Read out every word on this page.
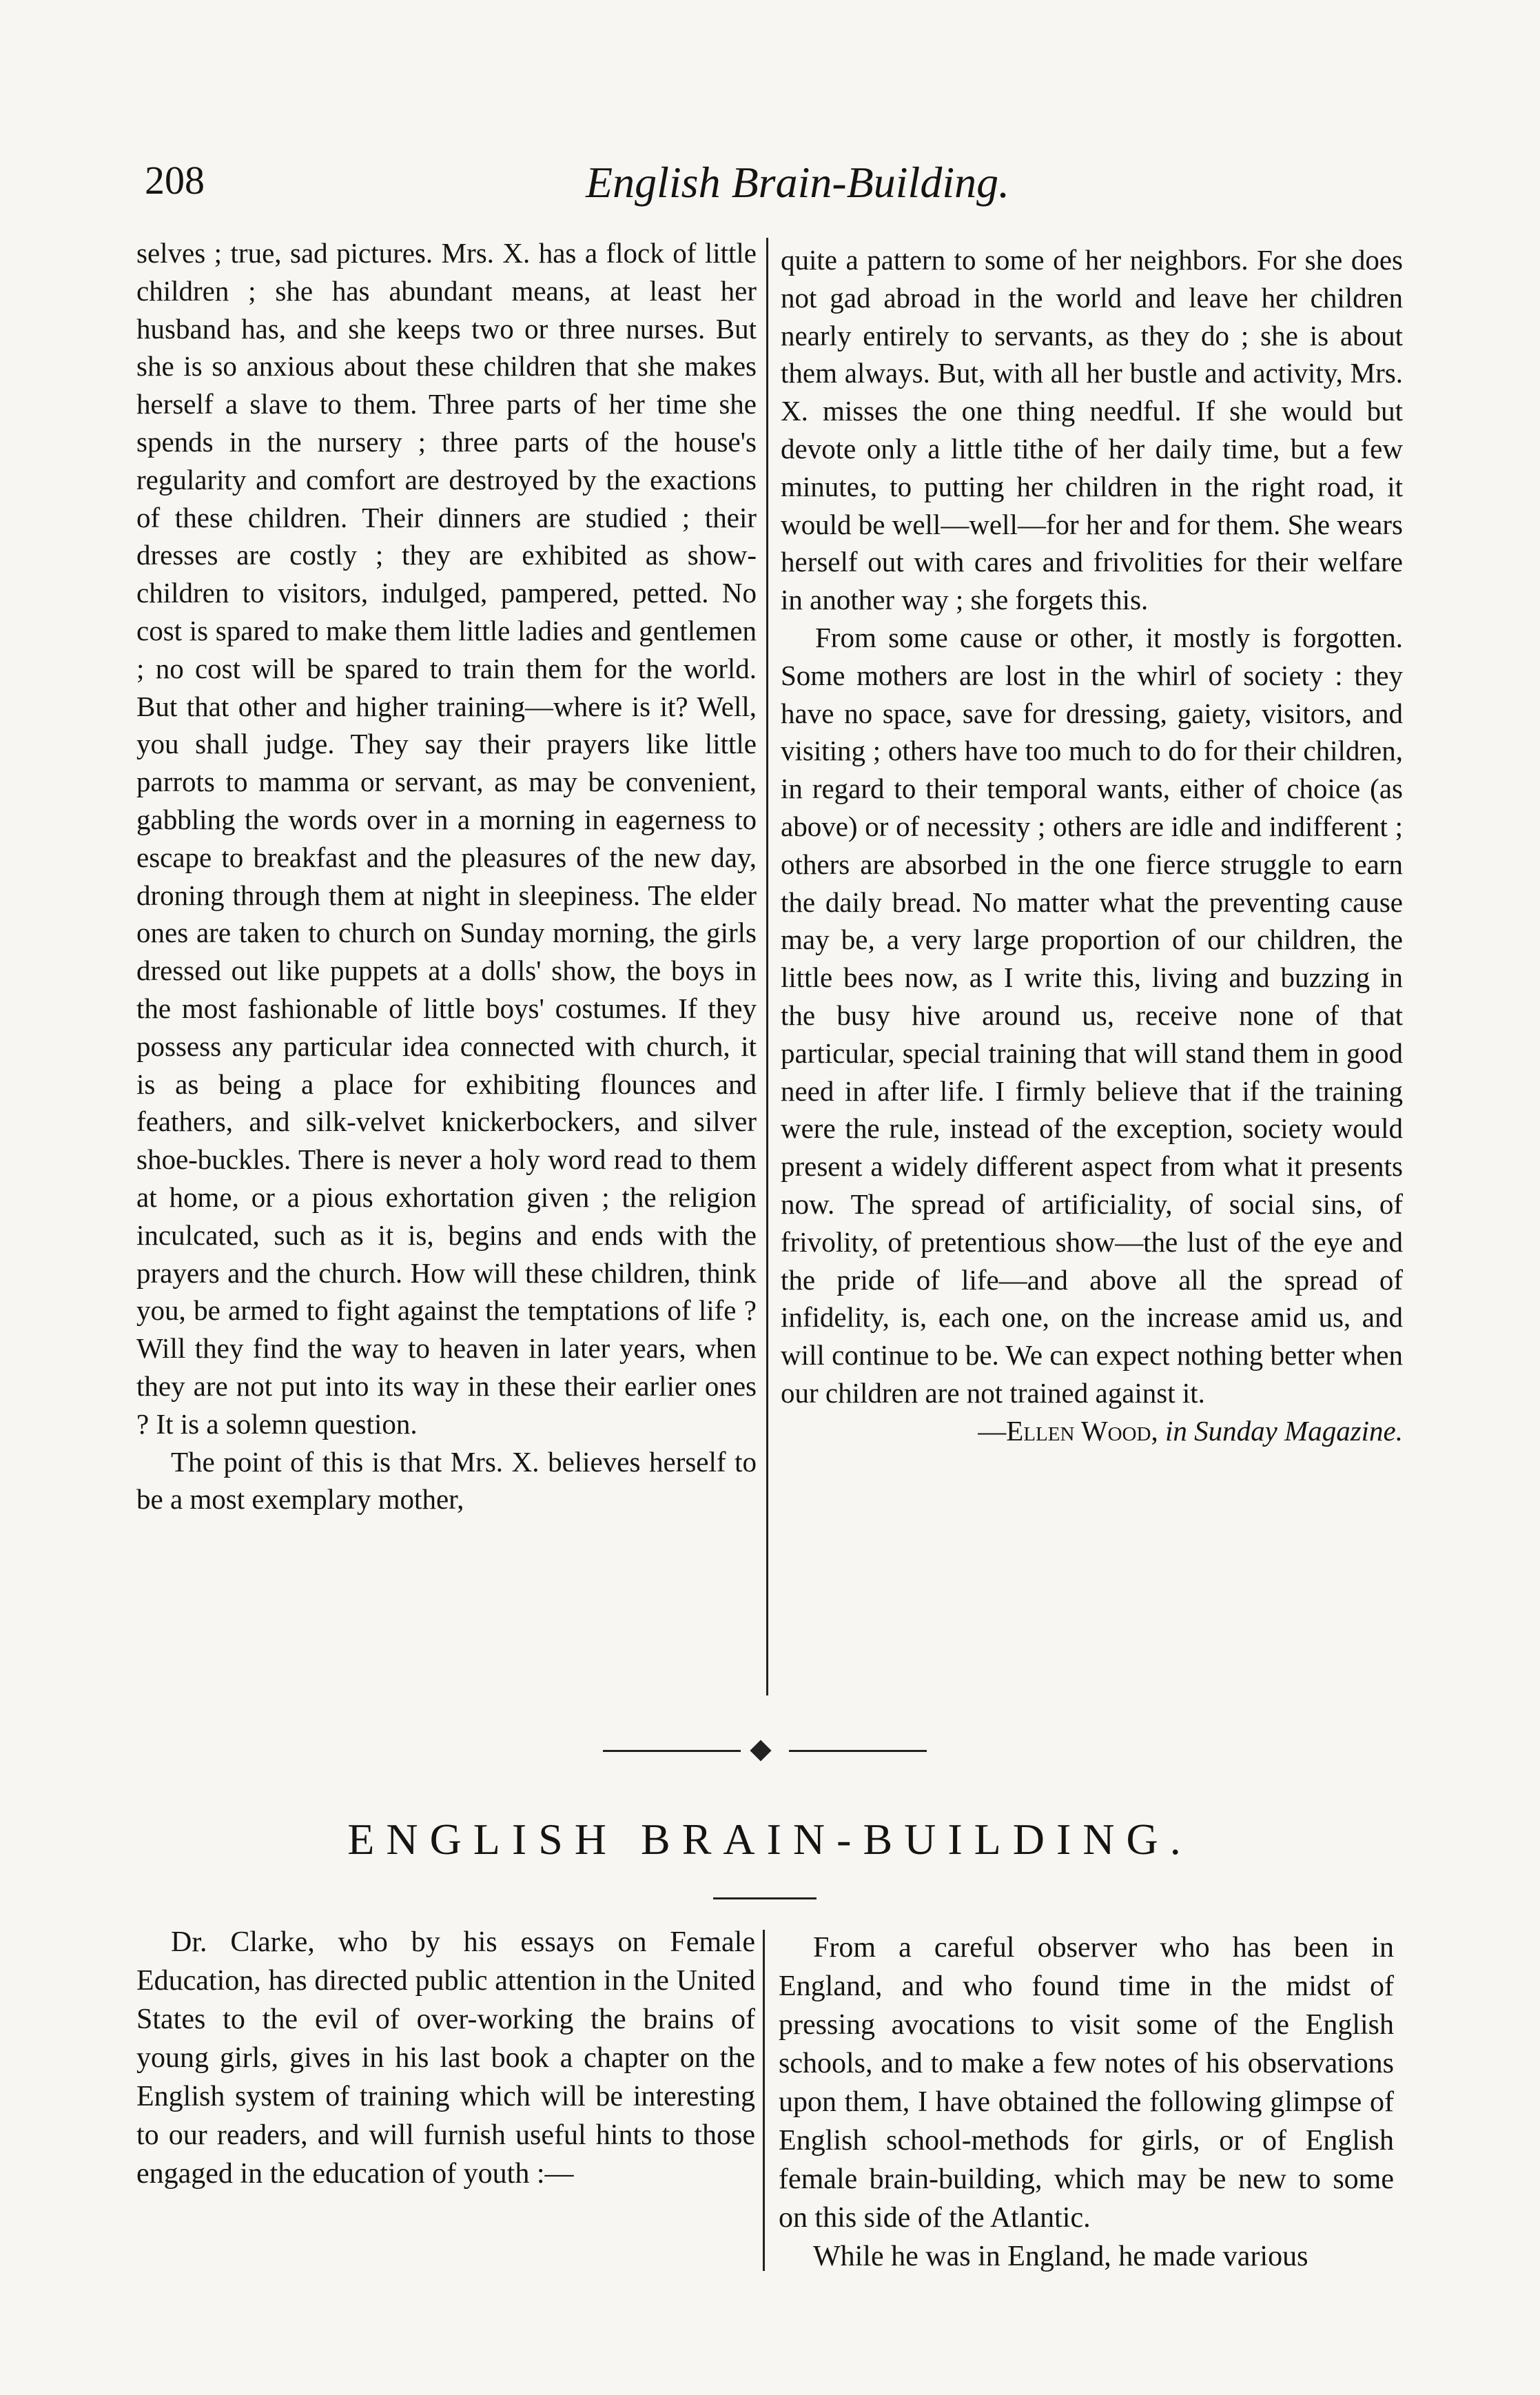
208	English Brain-Building.

selves ; true, sad pictures. Mrs. X. has a flock of little children ; she has abundant means, at least her husband has, and she keeps two or three nurses. But she is so anxious about these children that she makes herself a slave to them. Three parts of her time she spends in the nursery ; three parts of the house's regularity and comfort are destroyed by the exactions of these children. Their dinners are studied ; their dresses are costly ; they are exhibited as show-children to visitors, indulged, pampered, petted. No cost is spared to make them little ladies and gentlemen ; no cost will be spared to train them for the world. But that other and higher training—where is it? Well, you shall judge. They say their prayers like little parrots to mamma or servant, as may be convenient, gabbling the words over in a morning in eagerness to escape to breakfast and the pleasures of the new day, droning through them at night in sleepiness. The elder ones are taken to church on Sunday morning, the girls dressed out like puppets at a dolls' show, the boys in the most fashionable of little boys' costumes. If they possess any particular idea connected with church, it is as being a place for exhibiting flounces and feathers, and silk-velvet knickerbockers, and silver shoe-buckles. There is never a holy word read to them at home, or a pious exhortation given ; the religion inculcated, such as it is, begins and ends with the prayers and the church. How will these children, think you, be armed to fight against the temptations of life ? Will they find the way to heaven in later years, when they are not put into its way in these their earlier ones ? It is a solemn question.

The point of this is that Mrs. X. believes herself to be a most exemplary mother,

quite a pattern to some of her neighbors. For she does not gad abroad in the world and leave her children nearly entirely to servants, as they do ; she is about them always. But, with all her bustle and activity, Mrs. X. misses the one thing needful. If she would but devote only a little tithe of her daily time, but a few minutes, to putting her children in the right road, it would be well—well—for her and for them. She wears herself out with cares and frivolities for their welfare in another way ; she forgets this.

From some cause or other, it mostly is forgotten. Some mothers are lost in the whirl of society : they have no space, save for dressing, gaiety, visitors, and visiting ; others have too much to do for their children, in regard to their temporal wants, either of choice (as above) or of necessity ; others are idle and indifferent ; others are absorbed in the one fierce struggle to earn the daily bread. No matter what the preventing cause may be, a very large proportion of our children, the little bees now, as I write this, living and buzzing in the busy hive around us, receive none of that particular, special training that will stand them in good need in after life. I firmly believe that if the training were the rule, instead of the exception, society would present a widely different aspect from what it presents now. The spread of artificiality, of social sins, of frivolity, of pretentious show—the lust of the eye and the pride of life—and above all the spread of infidelity, is, each one, on the increase amid us, and will continue to be. We can expect nothing better when our children are not trained against it.

—Ellen Wood, in Sunday Magazine.

ENGLISH BRAIN-BUILDING.

Dr. Clarke, who by his essays on Female Education, has directed public attention in the United States to the evil of over-working the brains of young girls, gives in his last book a chapter on the English system of training which will be interesting to our readers, and will furnish useful hints to those engaged in the education of youth :—

From a careful observer who has been in England, and who found time in the midst of pressing avocations to visit some of the English schools, and to make a few notes of his observations upon them, I have obtained the following glimpse of English school-methods for girls, or of English female brain-building, which may be new to some on this side of the Atlantic.

While he was in England, he made various
